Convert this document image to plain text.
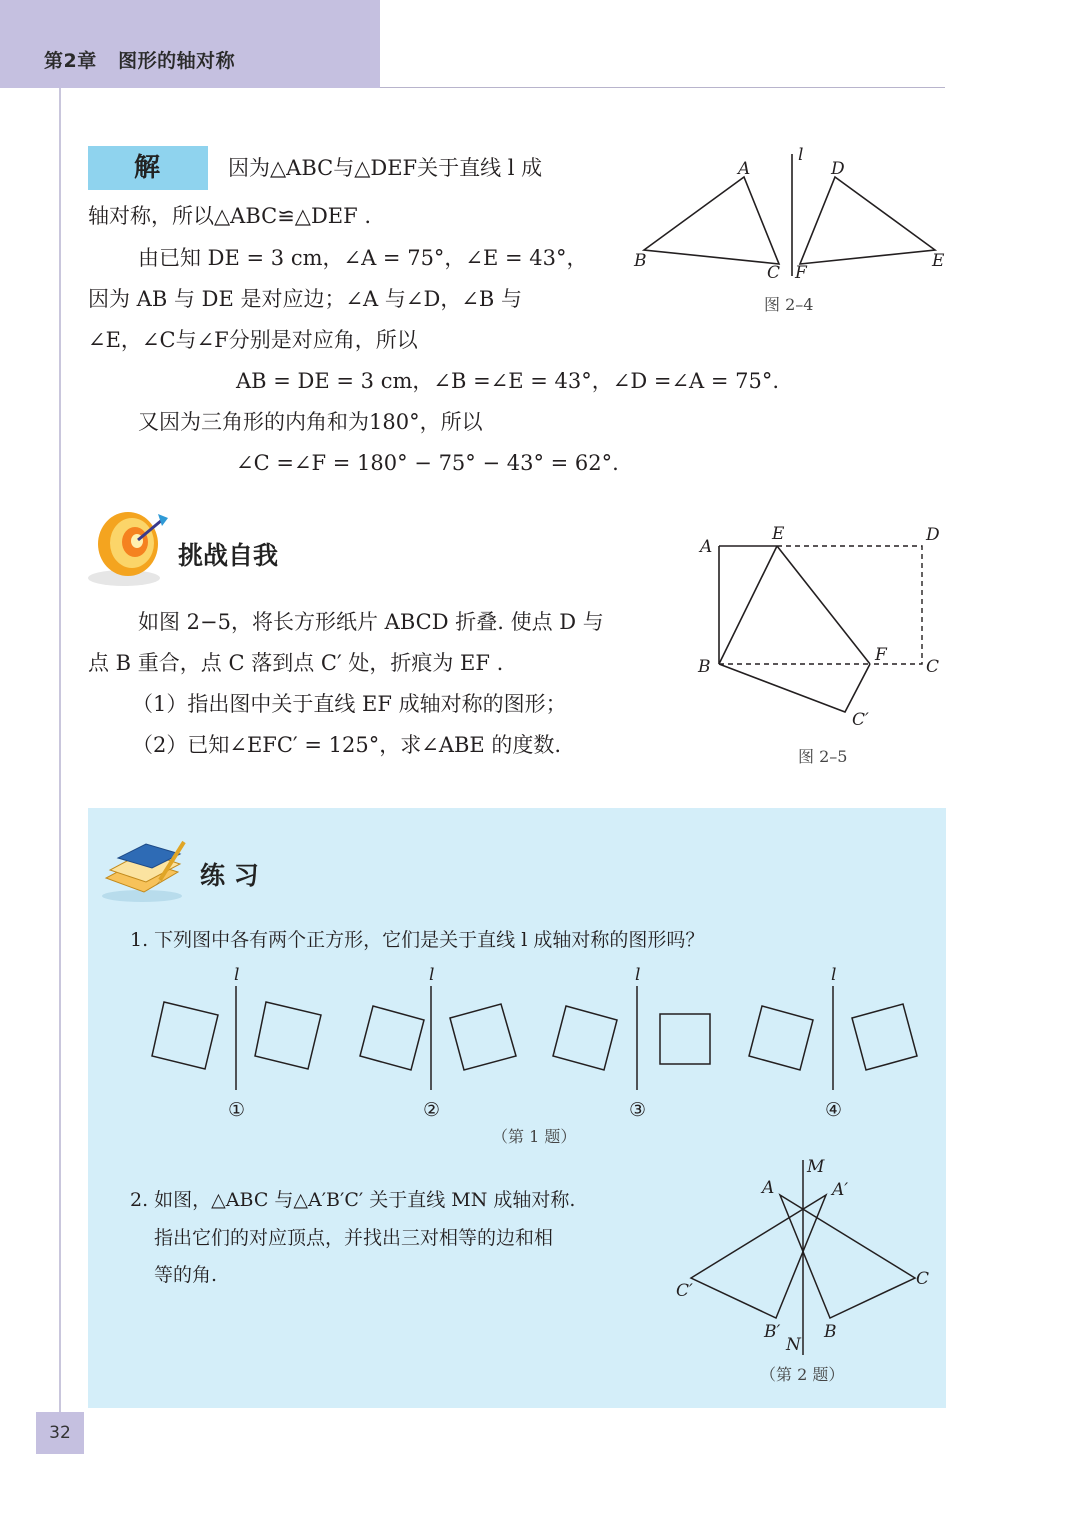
第2章 图形的轴对称
解	因为△ABC与△DEF关于直线 l 成
轴对称，所以△ABC≌△DEF .
由已知 DE = 3 cm，∠A = 75°，∠E = 43°，
因为 AB 与 DE 是对应边；∠A 与∠D，∠B 与
∠E，∠C与∠F分别是对应角，所以
AB = DE = 3 cm，∠B =∠E = 43°，∠D =∠A = 75°.
又因为三角形的内角和为180°，所以
∠C =∠F = 180° − 75° − 43° = 62°.
l
A
B
C
D
E
F
图 2–4
挑战自我
如图 2−5，将长方形纸片 ABCD 折叠. 使点 D 与
点 B 重合，点 C 落到点 C′ 处，折痕为 EF .
（1）指出图中关于直线 EF 成轴对称的图形；
（2）已知∠EFC′ = 125°，求∠ABE 的度数.
A
E	D
B
F
C
C′
图 2–5
练 习
1. 下列图中各有两个正方形，它们是关于直线 l 成轴对称的图形吗？
l
①
l
②
l
③
l
④
（第 1 题）
2. 如图，△ABC 与△A′B′C′ 关于直线 MN 成轴对称.
指出它们的对应顶点，并找出三对相等的边和相
等的角.
M
N
A	A′
C
C′
B
B′
（第 2 题）
32
